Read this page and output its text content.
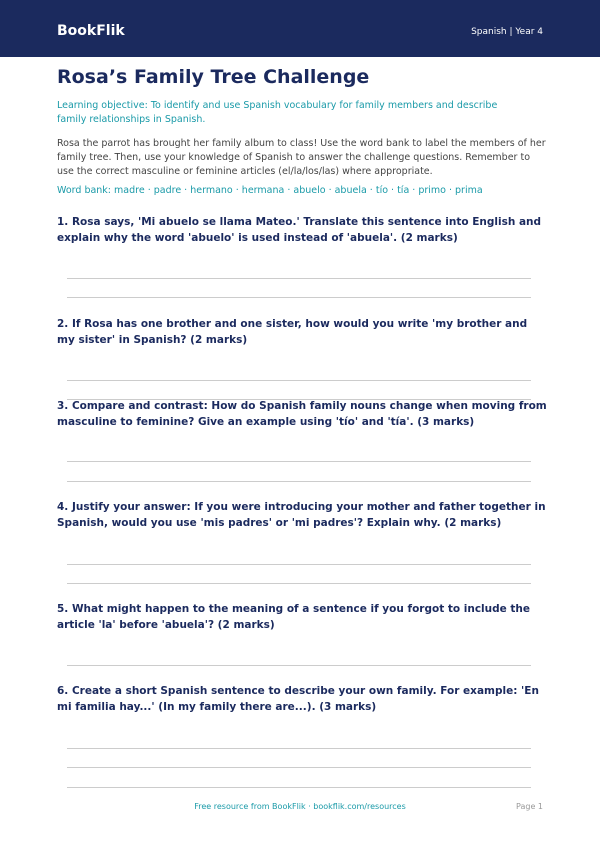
BookFlik	Spanish | Year 4
Rosa’s Family Tree Challenge
Learning objective: To identify and use Spanish vocabulary for family members and describe family relationships in Spanish.
Rosa the parrot has brought her family album to class! Use the word bank to label the members of her family tree. Then, use your knowledge of Spanish to answer the challenge questions. Remember to use the correct masculine or feminine articles (el/la/los/las) where appropriate.
Word bank: madre · padre · hermano · hermana · abuelo · abuela · tío · tía · primo · prima
1. Rosa says, 'Mi abuelo se llama Mateo.' Translate this sentence into English and explain why the word 'abuelo' is used instead of 'abuela'. (2 marks)
2. If Rosa has one brother and one sister, how would you write 'my brother and my sister' in Spanish? (2 marks)
3. Compare and contrast: How do Spanish family nouns change when moving from masculine to feminine? Give an example using 'tío' and 'tía'. (3 marks)
4. Justify your answer: If you were introducing your mother and father together in Spanish, would you use 'mis padres' or 'mi padres'? Explain why. (2 marks)
5. What might happen to the meaning of a sentence if you forgot to include the article 'la' before 'abuela'? (2 marks)
6. Create a short Spanish sentence to describe your own family. For example: 'En mi familia hay...' (In my family there are...). (3 marks)
Free resource from BookFlik · bookflik.com/resources	Page 1
